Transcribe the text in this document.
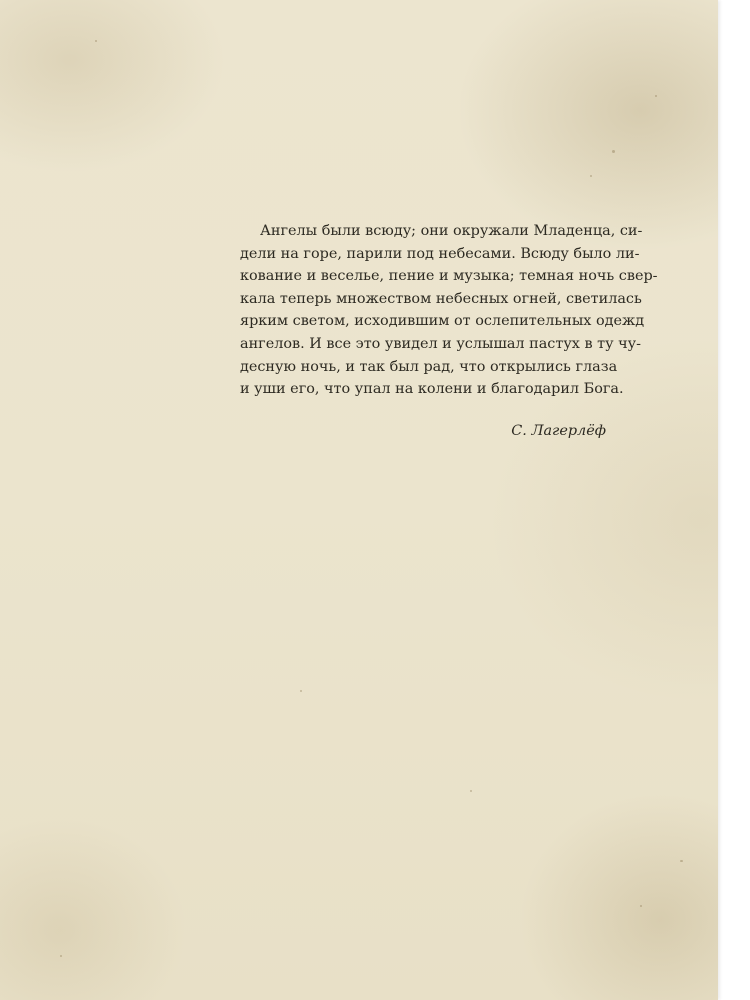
Ангелы были всюду; они окружали Младенца, си-
дели на горе, парили под небесами. Всюду было ли-
кование и веселье, пение и музыка; темная ночь свер-
кала теперь множеством небесных огней, светилась
ярким светом, исходившим от ослепительных одежд
ангелов. И все это увидел и услышал пастух в ту чу-
десную ночь, и так был рад, что открылись глаза
и уши его, что упал на колени и благодарил Бога.
С. Лагерлёф
